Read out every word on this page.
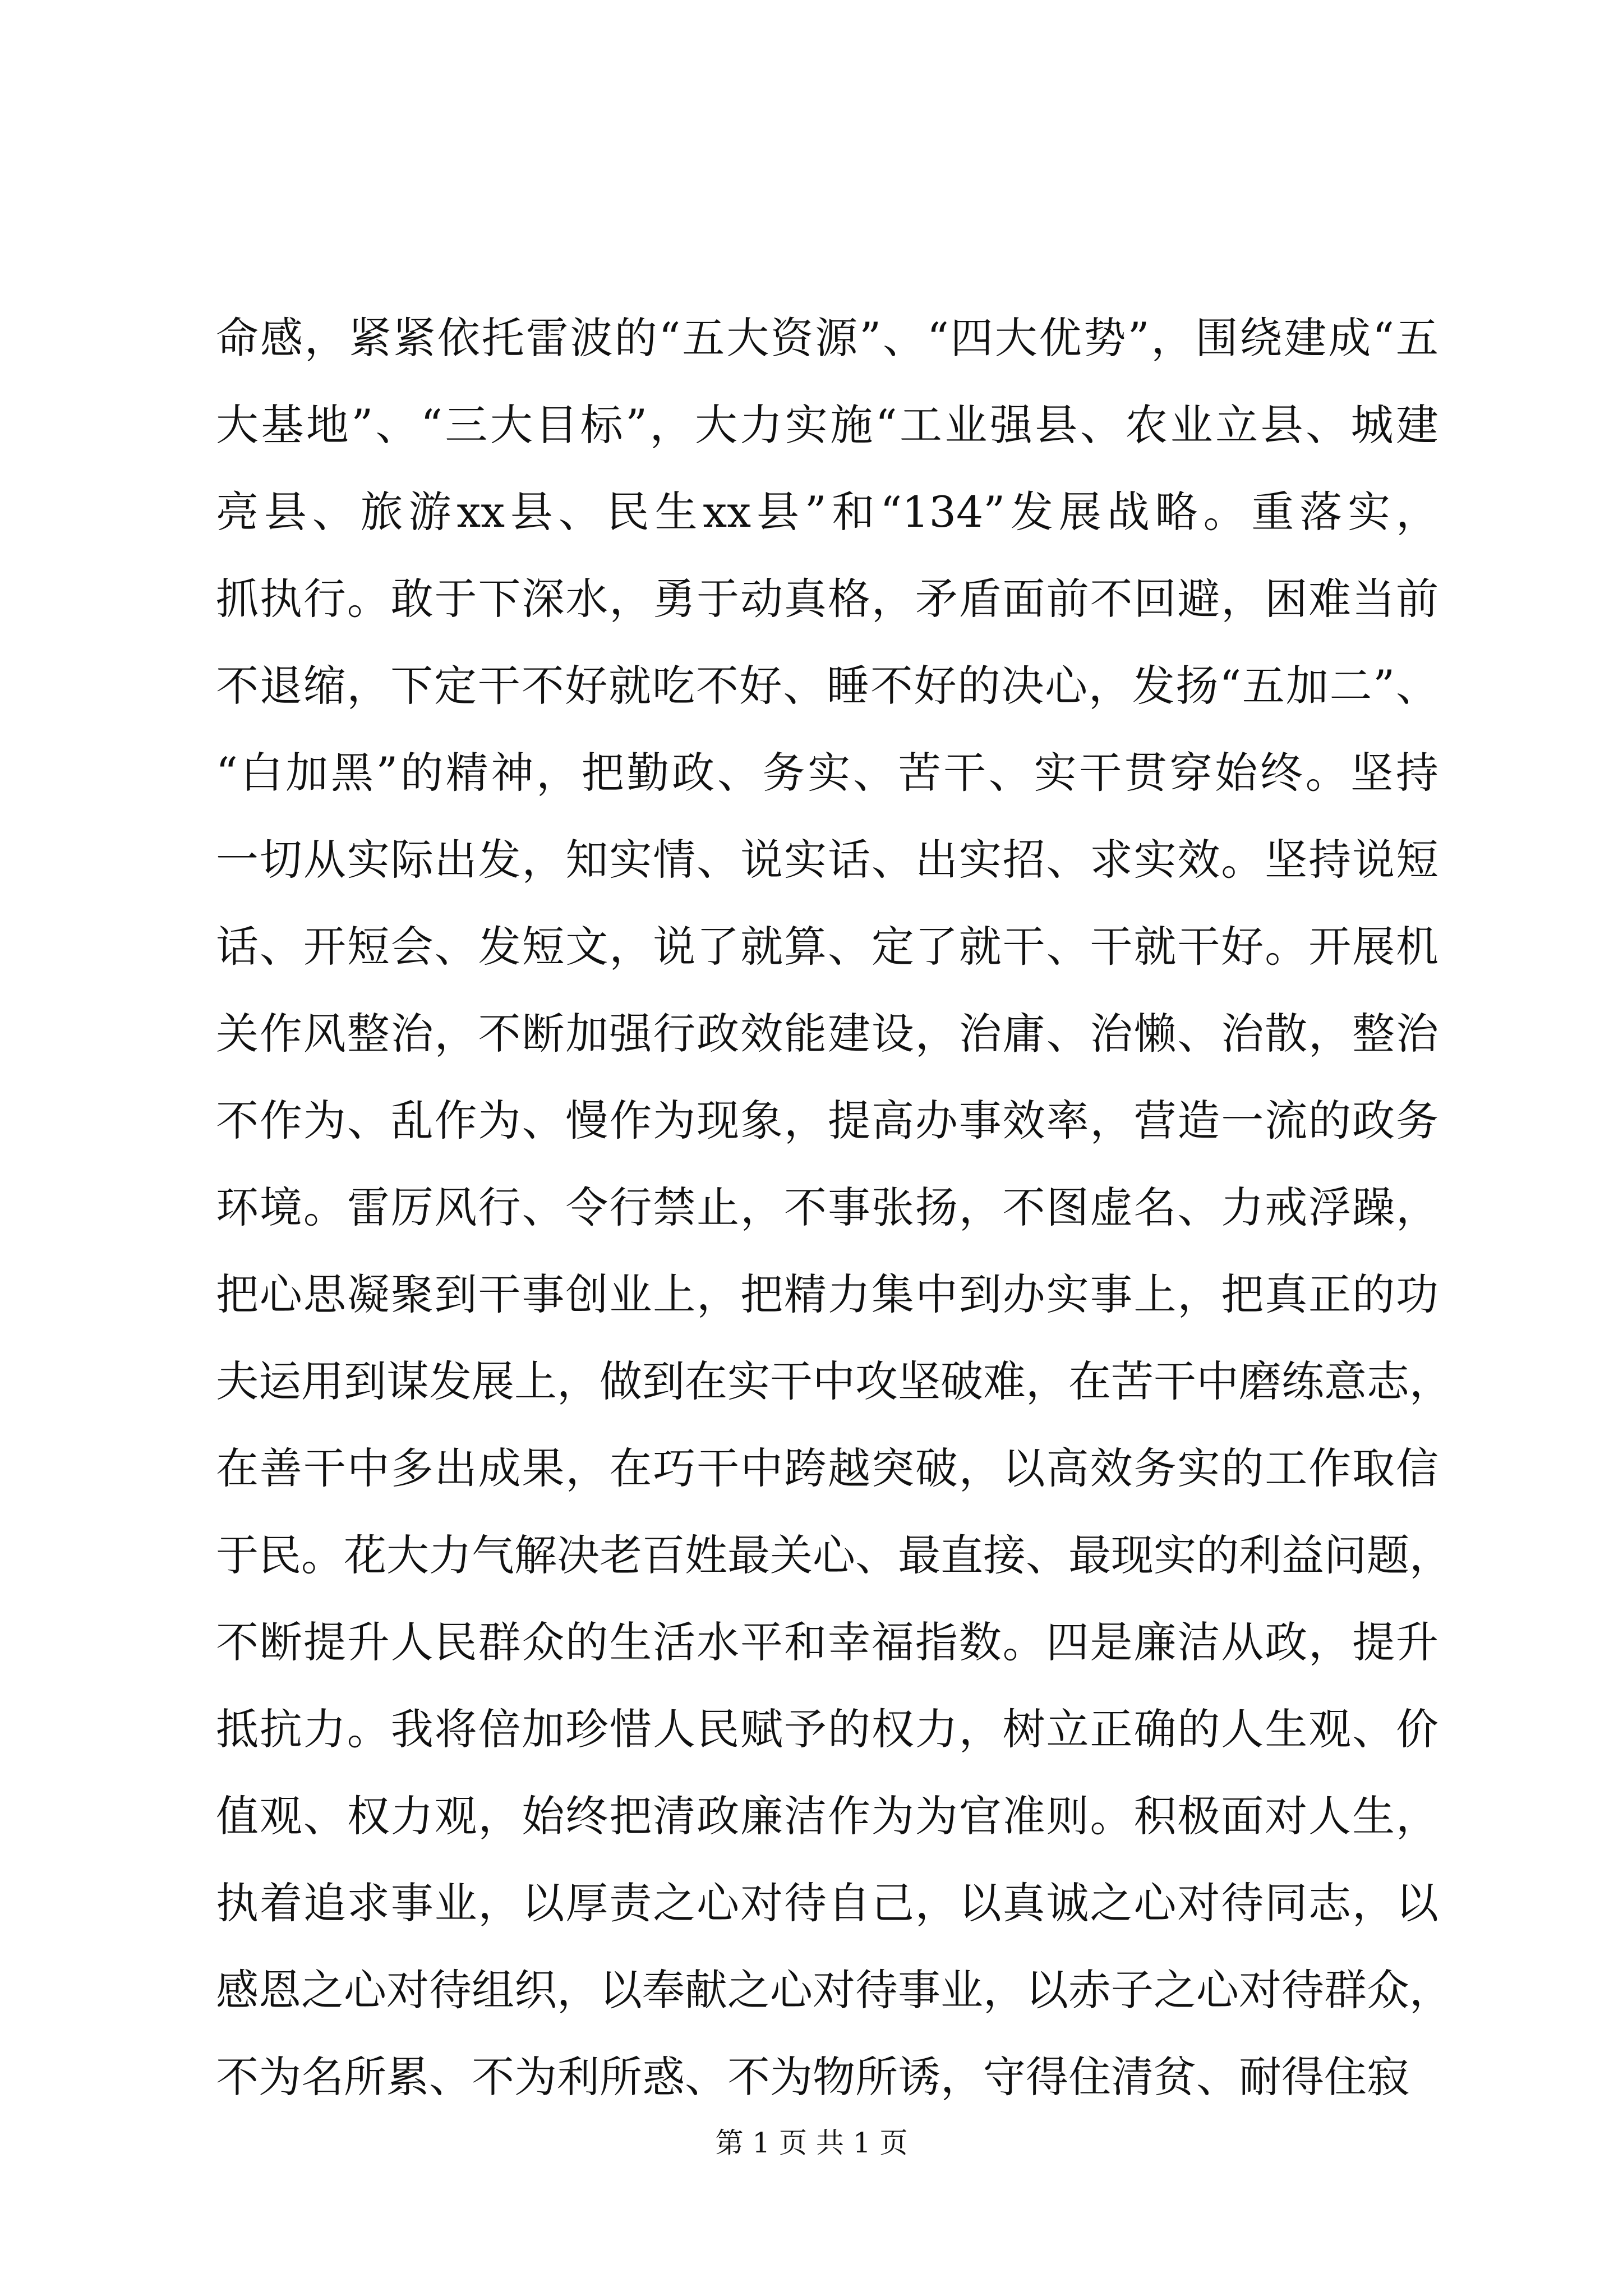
命感，紧紧依托雷波的“五大资源”、“四大优势”，围绕建成“五
大基地”、“三大目标”，大力实施“工业强县、农业立县、城建
亮县、旅游xx县、民生xx县”和“134”发展战略。重落实，
抓执行。敢于下深水，勇于动真格，矛盾面前不回避，困难当前
不退缩，下定干不好就吃不好、睡不好的决心，发扬“五加二”、
“白加黑”的精神，把勤政、务实、苦干、实干贯穿始终。坚持
一切从实际出发，知实情、说实话、出实招、求实效。坚持说短
话、开短会、发短文，说了就算、定了就干、干就干好。开展机
关作风整治，不断加强行政效能建设，治庸、治懒、治散，整治
不作为、乱作为、慢作为现象，提高办事效率，营造一流的政务
环境。雷厉风行、令行禁止，不事张扬，不图虚名、力戒浮躁，
把心思凝聚到干事创业上，把精力集中到办实事上，把真正的功
夫运用到谋发展上，做到在实干中攻坚破难，在苦干中磨练意志，
在善干中多出成果，在巧干中跨越突破，以高效务实的工作取信
于民。花大力气解决老百姓最关心、最直接、最现实的利益问题，
不断提升人民群众的生活水平和幸福指数。四是廉洁从政，提升
抵抗力。我将倍加珍惜人民赋予的权力，树立正确的人生观、价
值观、权力观，始终把清政廉洁作为为官准则。积极面对人生，
执着追求事业，以厚责之心对待自己，以真诚之心对待同志，以
感恩之心对待组织，以奉献之心对待事业，以赤子之心对待群众，
不为名所累、不为利所惑、不为物所诱，守得住清贫、耐得住寂
第 1 页 共 1 页
